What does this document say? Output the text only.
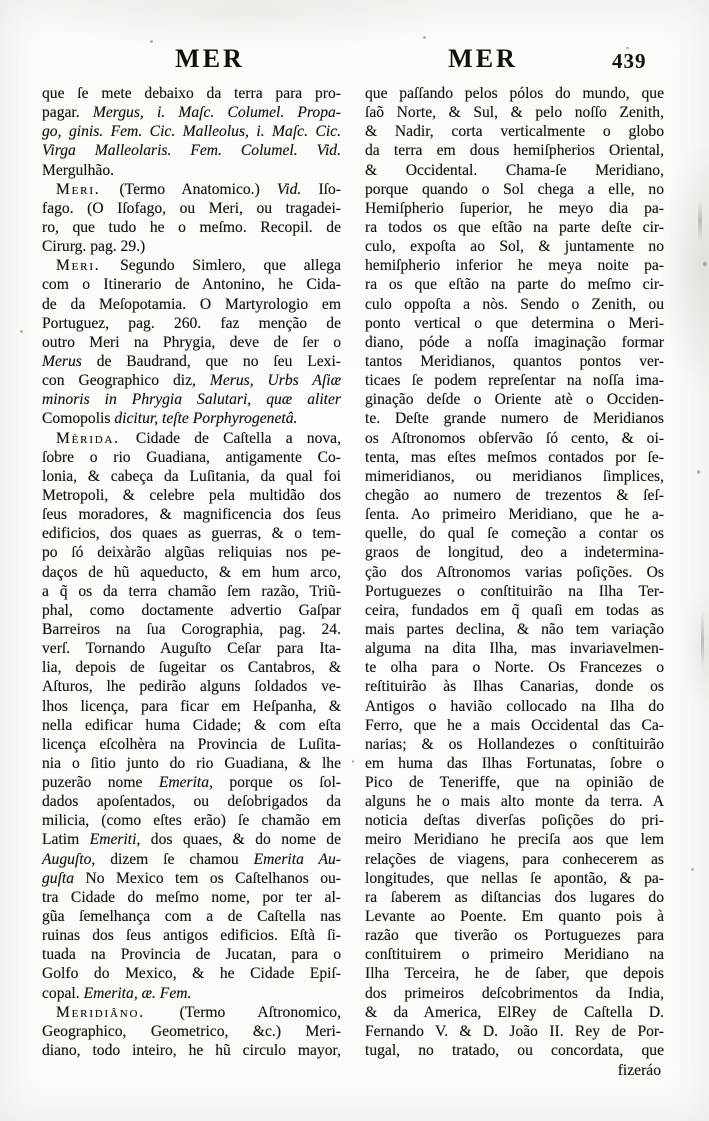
MER	MER	439
que ſe mete debaixo da terra para pro-
pagar. Mergus, i. Maſc. Columel. Propa-
go, ginis. Fem. Cic. Malleolus, i. Maſc. Cic.
Virga Malleolaris. Fem. Columel. Vid.
Mergulhão.
Meri. (Termo Anatomico.) Vid. Iſo-
fago. (O Iſofago, ou Meri, ou tragadei-
ro, que tudo he o meſmo. Recopil. de
Cirurg. pag. 29.)
Meri. Segundo Simlero, que allega
com o Itinerario de Antonino, he Cida-
de da Meſopotamia. O Martyrologio em
Portuguez, pag. 260. faz menção de
outro Meri na Phrygia, deve de ſer o
Merus de Baudrand, que no ſeu Lexi-
con Geographico diz, Merus, Urbs Aſiæ
minoris in Phrygia Salutari, quæ aliter
Comopolis dicitur, teſte Porphyrogenetâ.
Mèrida. Cidade de Caſtella a nova,
ſobre o rio Guadiana, antigamente Co-
lonia, & cabeça da Luſitania, da qual foi
Metropoli, & celebre pela multidão dos
ſeus moradores, & magnificencia dos ſeus
edificios, dos quaes as guerras, & o tem-
po ſó deixàrão algũas reliquias nos pe-
daços de hũ aqueducto, & em hum arco,
a q̃ os da terra chamão ſem razão, Triũ-
phal, como doctamente advertio Gaſpar
Barreiros na ſua Corographia, pag. 24.
verſ. Tornando Auguſto Ceſar para Ita-
lia, depois de ſugeitar os Cantabros, &
Aſturos, lhe pedirão alguns ſoldados ve-
lhos licença, para ficar em Heſpanha, &
nella edificar huma Cidade; & com eſta
licença eſcolhèra na Provincia de Luſita-
nia o ſitio junto do rio Guadiana, & lhe
puzerão nome Emerita, porque os ſol-
dados apoſentados, ou deſobrigados da
milicia, (como eſtes erão) ſe chamão em
Latim Emeriti, dos quaes, & do nome de
Auguſto, dizem ſe chamou Emerita Au-
guſta No Mexico tem os Caſtelhanos ou-
tra Cidade do meſmo nome, por ter al-
gũa ſemelhança com a de Caſtella nas
ruinas dos ſeus antigos edificios. Eſtà ſi-
tuada na Provincia de Jucatan, para o
Golfo do Mexico, & he Cidade Epiſ-
copal. Emerita, æ. Fem.
Meridiâno. (Termo Aſtronomico,
Geographico, Geometrico, &c.) Meri-
diano, todo inteiro, he hũ circulo mayor,
que paſſando pelos pólos do mundo, que
ſaõ Norte, & Sul, & pelo noſſo Zenith,
& Nadir, corta verticalmente o globo
da terra em dous hemiſpherios Oriental,
& Occidental. Chama-ſe Meridiano,
porque quando o Sol chega a elle, no
Hemiſpherio ſuperior, he meyo dia pa-
ra todos os que eſtão na parte deſte cir-
culo, expoſta ao Sol, & juntamente no
hemiſpherio inferior he meya noite pa-
ra os que eſtão na parte do meſmo cir-
culo oppoſta a nòs. Sendo o Zenith, ou
ponto vertical o que determina o Meri-
diano, póde a noſſa imaginação formar
tantos Meridianos, quantos pontos ver-
ticaes ſe podem repreſentar na noſſa ima-
ginação deſde o Oriente atè o Occiden-
te. Deſte grande numero de Meridianos
os Aſtronomos obſervão ſó cento, & oi-
tenta, mas eſtes meſmos contados por ſe-
mimeridianos, ou meridianos ſimplices,
chegão ao numero de trezentos & ſeſ-
ſenta. Ao primeiro Meridiano, que he a-
quelle, do qual ſe começão a contar os
graos de longitud, deo a indetermina-
ção dos Aſtronomos varias poſições. Os
Portuguezes o conſtituirão na Ilha Ter-
ceira, fundados em q̃ quaſi em todas as
mais partes declina, & não tem variação
alguma na dita Ilha, mas invariavelmen-
te olha para o Norte. Os Francezes o
reſtituirão às Ilhas Canarias, donde os
Antigos o havião collocado na Ilha do
Ferro, que he a mais Occidental das Ca-
narias; & os Hollandezes o conſtituirão
em huma das Ilhas Fortunatas, ſobre o
Pico de Teneriffe, que na opinião de
alguns he o mais alto monte da terra. A
noticia deſtas diverſas poſições do pri-
meiro Meridiano he preciſa aos que lem
relações de viagens, para conhecerem as
longitudes, que nellas ſe apontão, & pa-
ra ſaberem as diſtancias dos lugares do
Levante ao Poente. Em quanto pois à
razão que tiverão os Portuguezes para
conſtituirem o primeiro Meridiano na
Ilha Terceira, he de ſaber, que depois
dos primeiros deſcobrimentos da India,
& da America, ElRey de Caſtella D.
Fernando V. & D. João II. Rey de Por-
tugal, no tratado, ou concordata, que
fizeráo
